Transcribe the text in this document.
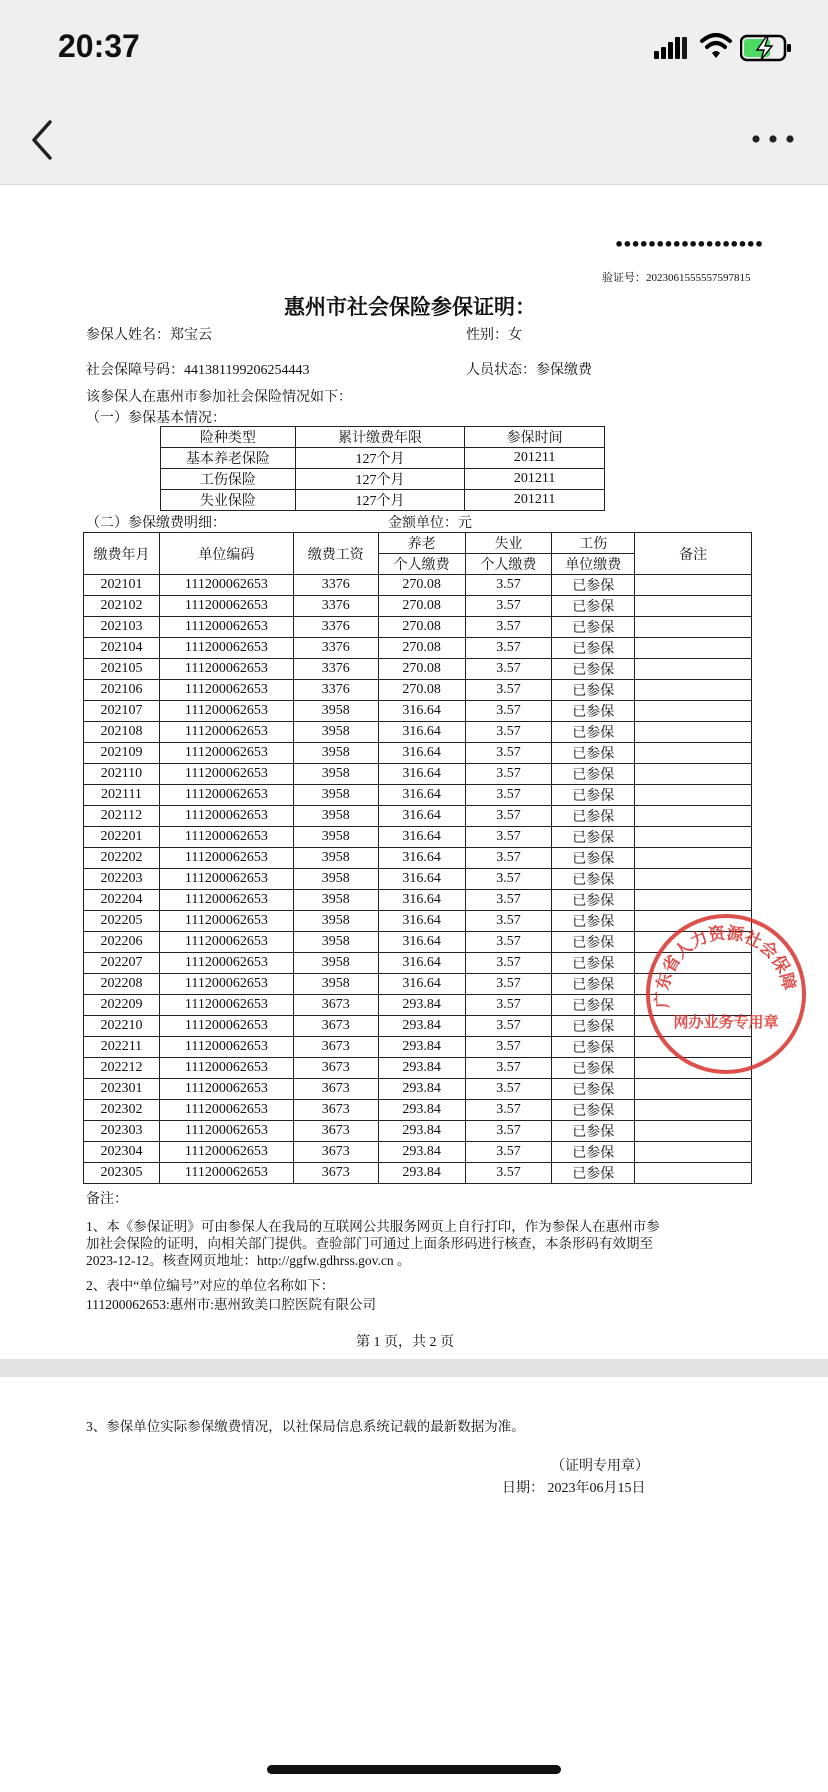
20:37
••••••••••••••••••
验证号：2023061555557597815
惠州市社会保险参保证明：
参保人姓名：郑宝云	性别：女
社会保障号码：441381199206254443	人员状态：参保缴费
该参保人在惠州市参加社会保险情况如下：
（一）参保基本情况：
险种类型	累计缴费年限	参保时间
基本养老保险	127个月	201211
工伤保险	127个月	201211
失业保险	127个月	201211
（二）参保缴费明细：	金额单位：元
缴费年月	单位编码	缴费工资	养老	失业	工伤	备注
			个人缴费	个人缴费	单位缴费	
202101	111200062653	3376	270.08	3.57	已参保	
202102	111200062653	3376	270.08	3.57	已参保	
202103	111200062653	3376	270.08	3.57	已参保	
202104	111200062653	3376	270.08	3.57	已参保	
202105	111200062653	3376	270.08	3.57	已参保	
202106	111200062653	3376	270.08	3.57	已参保	
202107	111200062653	3958	316.64	3.57	已参保	
202108	111200062653	3958	316.64	3.57	已参保	
202109	111200062653	3958	316.64	3.57	已参保	
202110	111200062653	3958	316.64	3.57	已参保	
202111	111200062653	3958	316.64	3.57	已参保	
202112	111200062653	3958	316.64	3.57	已参保	
202201	111200062653	3958	316.64	3.57	已参保	
202202	111200062653	3958	316.64	3.57	已参保	
202203	111200062653	3958	316.64	3.57	已参保	
202204	111200062653	3958	316.64	3.57	已参保	
202205	111200062653	3958	316.64	3.57	已参保	
202206	111200062653	3958	316.64	3.57	已参保	
202207	111200062653	3958	316.64	3.57	已参保	
202208	111200062653	3958	316.64	3.57	已参保	
202209	111200062653	3673	293.84	3.57	已参保	
202210	111200062653	3673	293.84	3.57	已参保	
202211	111200062653	3673	293.84	3.57	已参保	
202212	111200062653	3673	293.84	3.57	已参保	
202301	111200062653	3673	293.84	3.57	已参保	
202302	111200062653	3673	293.84	3.57	已参保	
202303	111200062653	3673	293.84	3.57	已参保	
202304	111200062653	3673	293.84	3.57	已参保	
202305	111200062653	3673	293.84	3.57	已参保	
备注：
1、本《参保证明》可由参保人在我局的互联网公共服务网页上自行打印，作为参保人在惠州市参
加社会保险的证明，向相关部门提供。查验部门可通过上面条形码进行核查，本条形码有效期至
2023-12-12。核查网页地址：http://ggfw.gdhrss.gov.cn 。
2、表中“单位编号”对应的单位名称如下：
111200062653:惠州市:惠州致美口腔医院有限公司
第 1 页，共 2 页
广东省人力资源社会保障
网办业务专用章
3、参保单位实际参保缴费情况，以社保局信息系统记载的最新数据为准。
（证明专用章）
日期： 2023年06月15日
